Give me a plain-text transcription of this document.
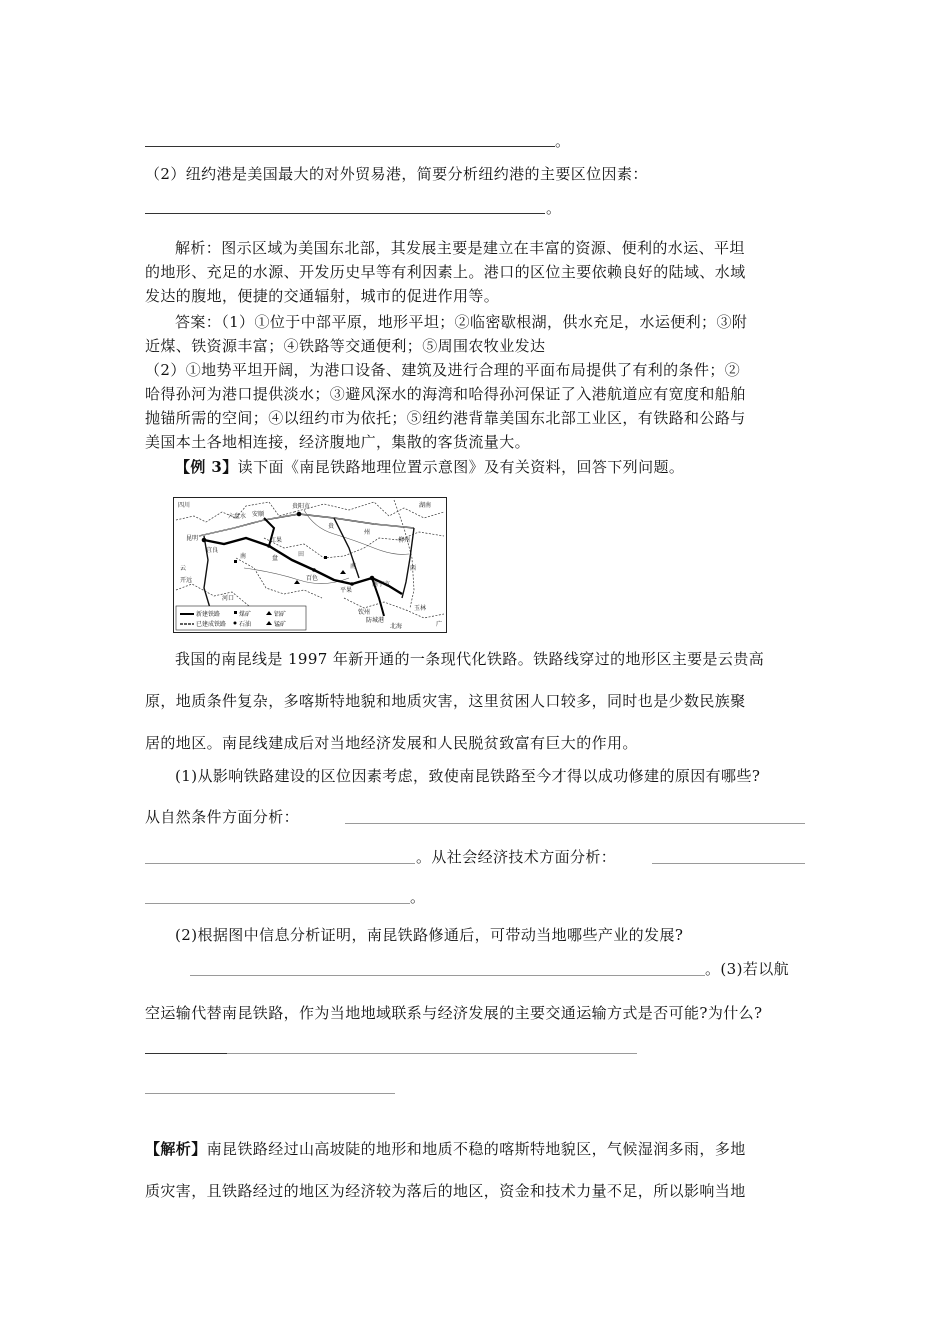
。
（2）纽约港是美国最大的对外贸易港，简要分析纽约港的主要区位因素：
。
解析：图示区域为美国东北部，其发展主要是建立在丰富的资源、便利的水运、平坦
的地形、充足的水源、开发历史早等有利因素上。港口的区位主要依赖良好的陆域、水域
发达的腹地，便捷的交通辐射，城市的促进作用等。
答案：（1）①位于中部平原，地形平坦；②临密歇根湖，供水充足，水运便利；③附
近煤、铁资源丰富；④铁路等交通便利；⑤周围农牧业发达
（2）①地势平坦开阔，为港口设备、建筑及进行合理的平面布局提供了有利的条件；②
哈得孙河为港口提供淡水；③避风深水的海湾和哈得孙河保证了入港航道应有宽度和船舶
抛锚所需的空间；④以纽约市为依托；⑤纽约港背靠美国东北部工业区，有铁路和公路与
美国本土各地相连接，经济腹地广，集散的客货流量大。
【例 3】读下面《南昆铁路地理位置示意图》及有关资料，回答下列问题。
四川	贵阳市	湖南
六盘水 安顺
贵
州
昆明	红果	柳州
宜良
南	盘
田
云	西
开远	百色
平果
南宁市
南
河口
钦州
防城港
北海
玉林
广
新建铁路
已建成铁路
煤矿
石油
铝矿
锰矿
我国的南昆线是 1997 年新开通的一条现代化铁路。铁路线穿过的地形区主要是云贵高
原，地质条件复杂，多喀斯特地貌和地质灾害，这里贫困人口较多，同时也是少数民族聚
居的地区。南昆线建成后对当地经济发展和人民脱贫致富有巨大的作用。
(1)从影响铁路建设的区位因素考虑，致使南昆铁路至今才得以成功修建的原因有哪些?
从自然条件方面分析：
。从社会经济技术方面分析：
。
(2)根据图中信息分析证明，南昆铁路修通后，可带动当地哪些产业的发展?
。(3)若以航
空运输代替南昆铁路，作为当地地域联系与经济发展的主要交通运输方式是否可能?为什么?
【解析】南昆铁路经过山高坡陡的地形和地质不稳的喀斯特地貌区，气候湿润多雨，多地
质灾害，且铁路经过的地区为经济较为落后的地区，资金和技术力量不足，所以影响当地
